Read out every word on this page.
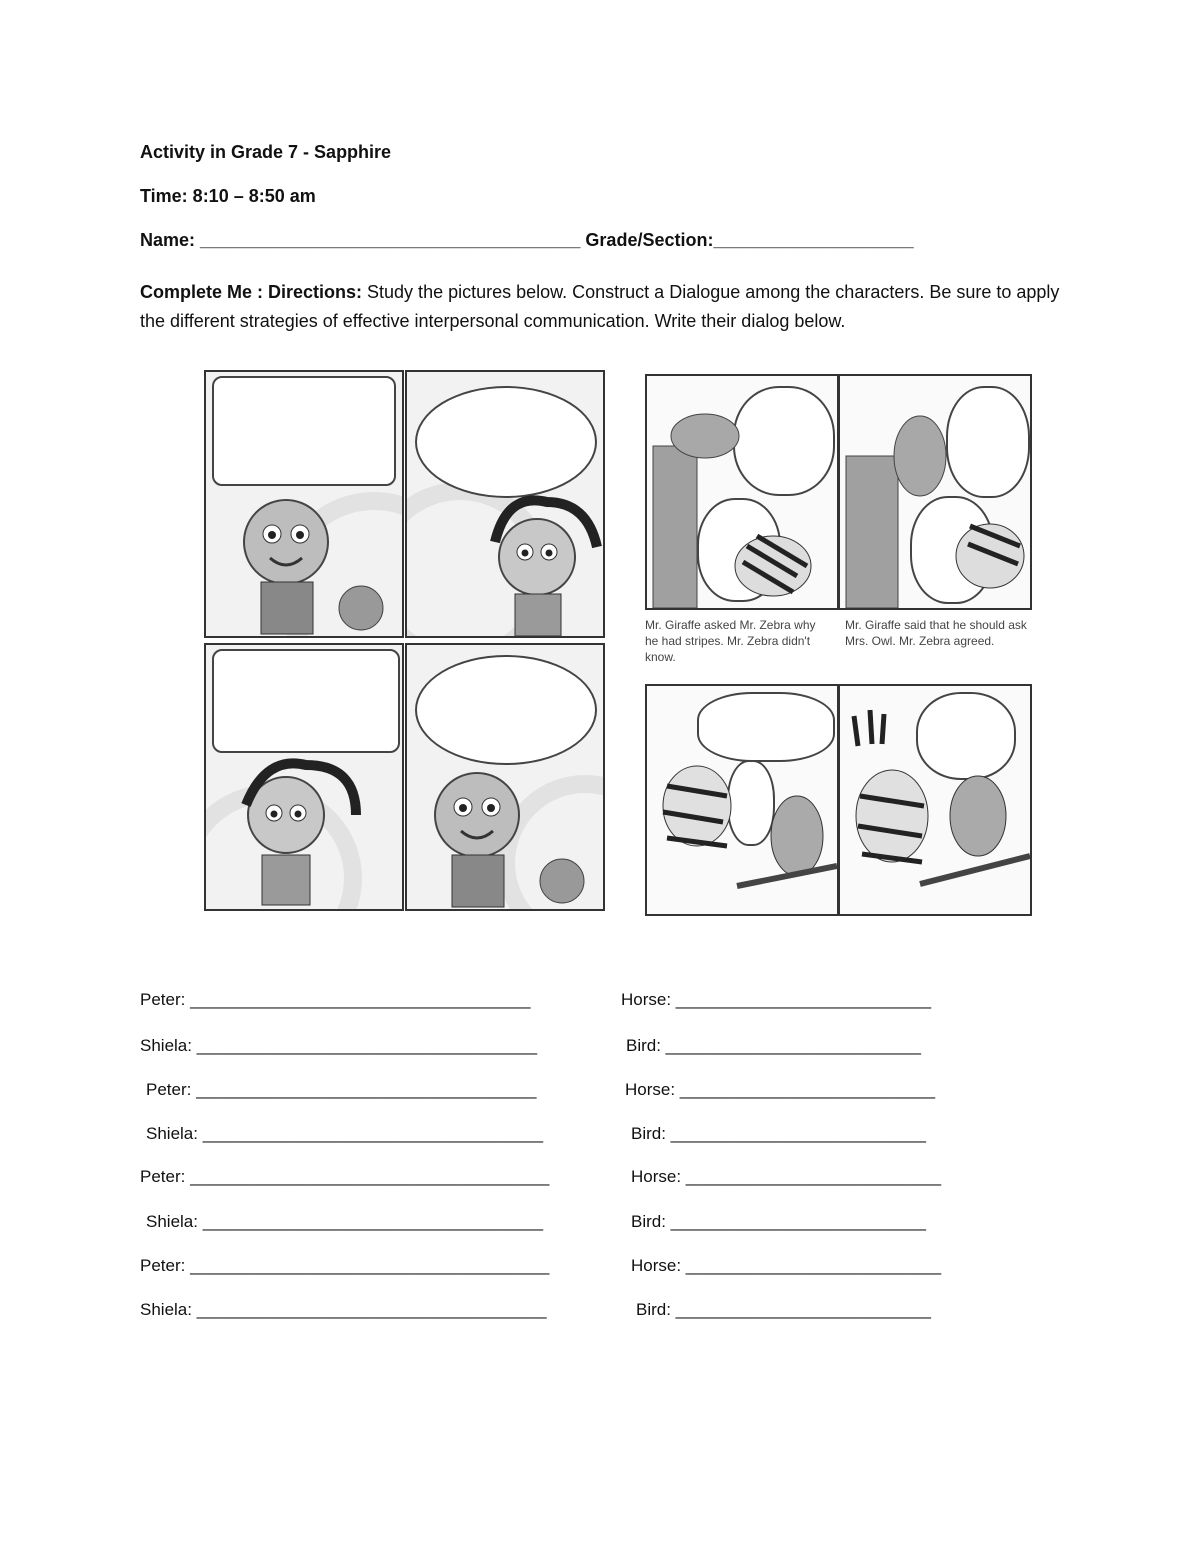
Activity in Grade 7 - Sapphire
Time: 8:10 – 8:50 am
Name: ______________________________________ Grade/Section:____________________
Complete Me : Directions: Study the pictures below. Construct a Dialogue among the characters. Be sure to apply the different strategies of effective interpersonal communication. Write their dialog below.
Mr. Giraffe asked Mr. Zebra why he had stripes. Mr. Zebra didn't know.
Mr. Giraffe said that he should ask Mrs. Owl. Mr. Zebra agreed.
Peter: ____________________________________	Horse: ___________________________
Shiela: ____________________________________	Bird: ___________________________
Peter: ____________________________________	Horse: ___________________________
Shiela: ____________________________________	Bird: ___________________________
Peter: ______________________________________	Horse: ___________________________
Shiela: ____________________________________	Bird: ___________________________
Peter: ______________________________________	Horse: ___________________________
Shiela: _____________________________________	Bird: ___________________________
